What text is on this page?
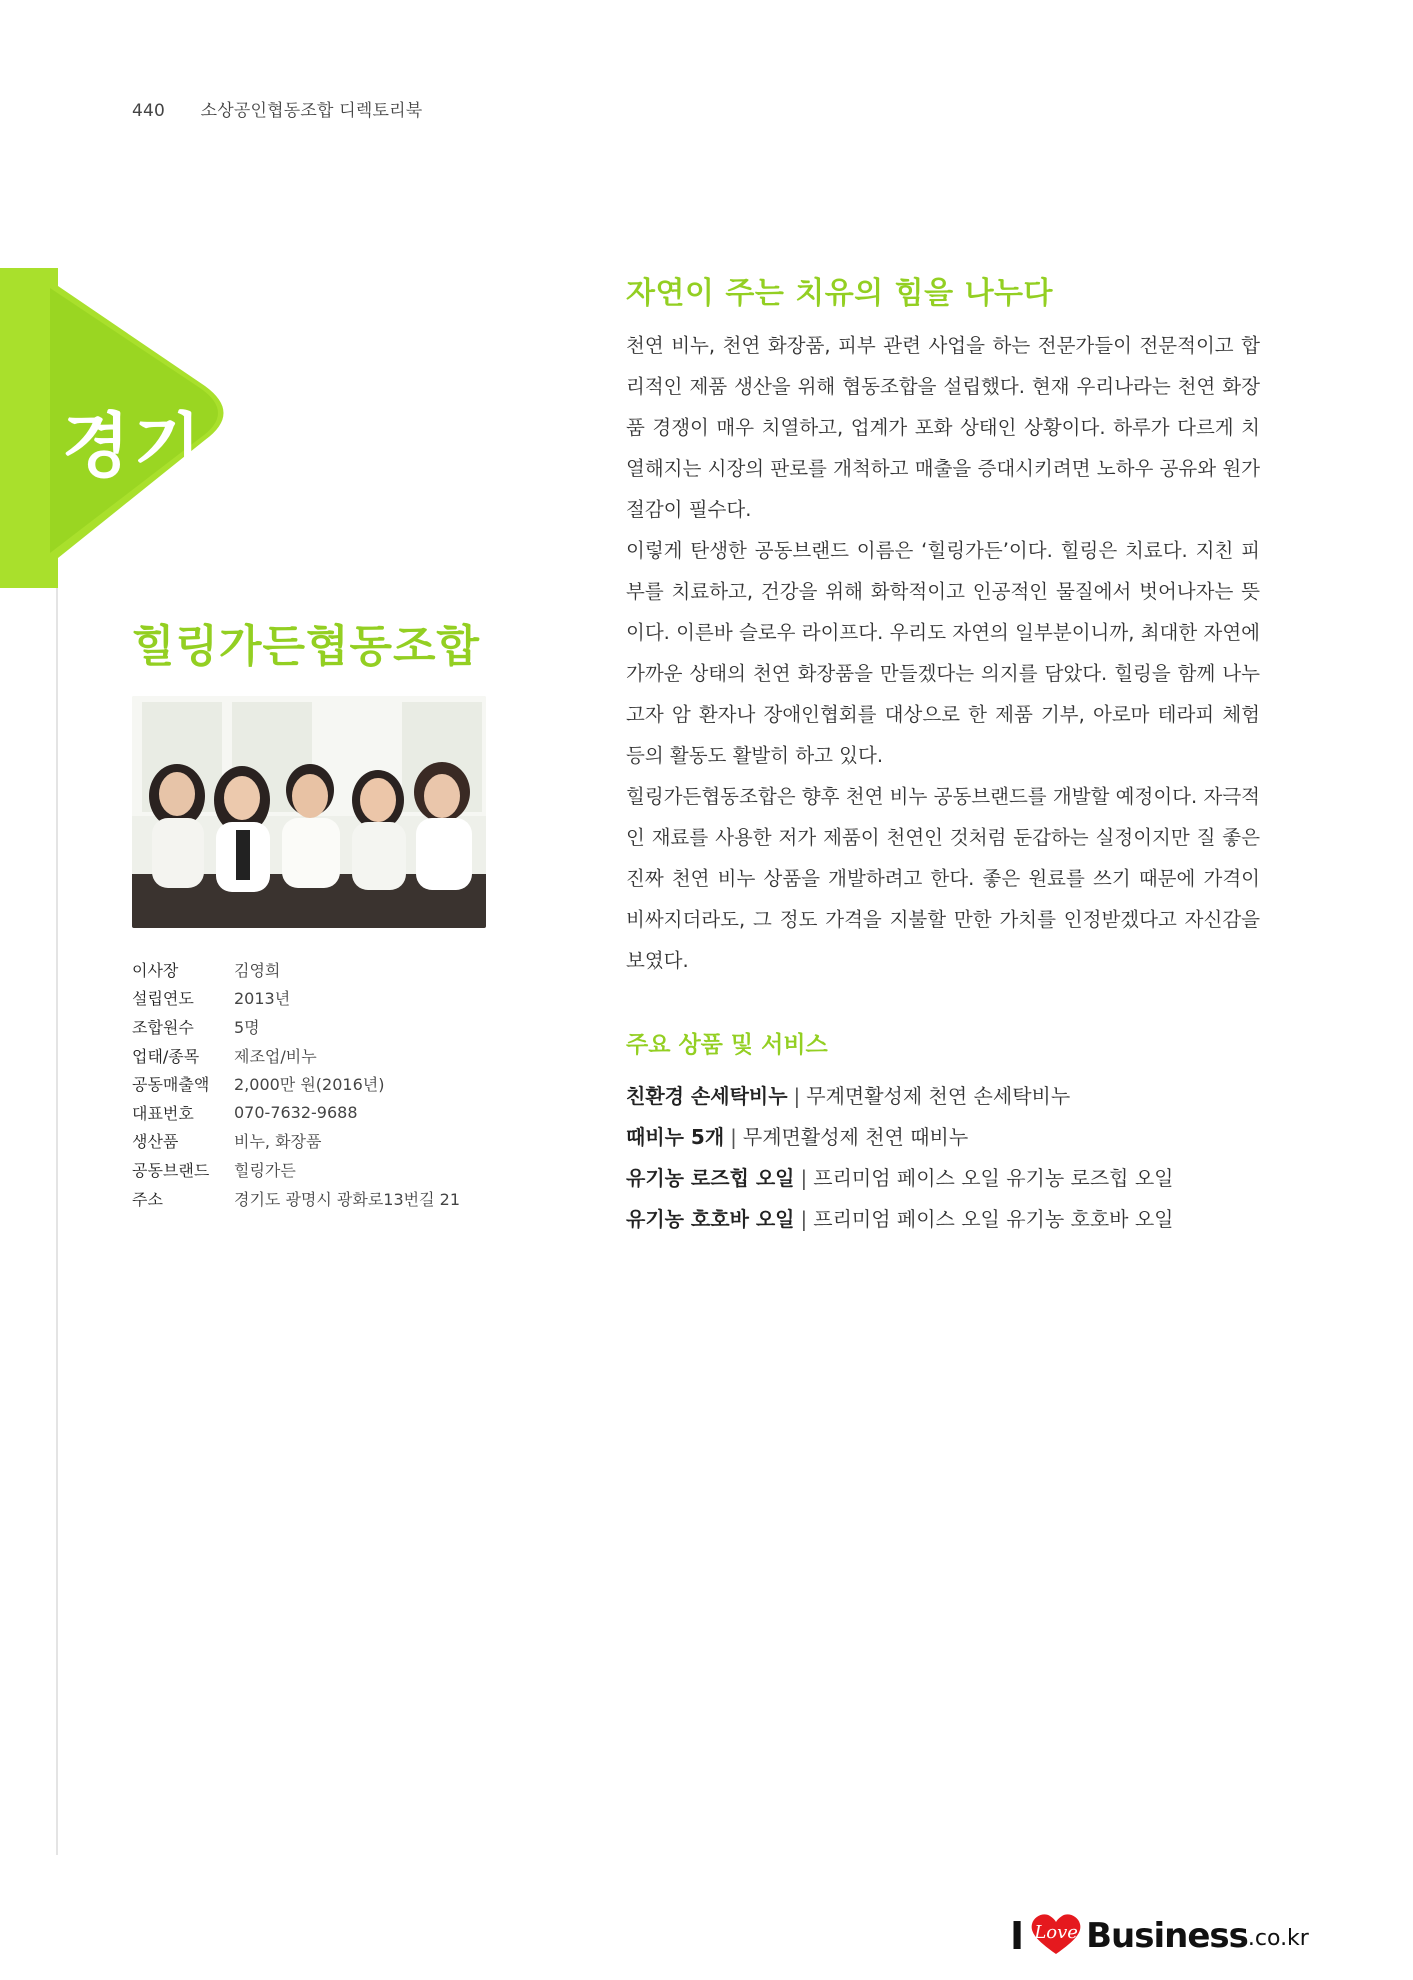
440 소상공인협동조합 디렉토리북
경기
힐링가든협동조합
이사장	김영희
설립연도	2013년
조합원수	5명
업태/종목	제조업/비누
공동매출액	2,000만 원(2016년)
대표번호	070-7632-9688
생산품	비누, 화장품
공동브랜드	힐링가든
주소	경기도 광명시 광화로13번길 21
자연이 주는 치유의 힘을 나누다

천연 비누, 천연 화장품, 피부 관련 사업을 하는 전문가들이 전문적이고 합리적인 제품 생산을 위해 협동조합을 설립했다. 현재 우리나라는 천연 화장품 경쟁이 매우 치열하고, 업계가 포화 상태인 상황이다. 하루가 다르게 치열해지는 시장의 판로를 개척하고 매출을 증대시키려면 노하우 공유와 원가절감이 필수다.

이렇게 탄생한 공동브랜드 이름은 ‘힐링가든’이다. 힐링은 치료다. 지친 피부를 치료하고, 건강을 위해 화학적이고 인공적인 물질에서 벗어나자는 뜻이다. 이른바 슬로우 라이프다. 우리도 자연의 일부분이니까, 최대한 자연에 가까운 상태의 천연 화장품을 만들겠다는 의지를 담았다. 힐링을 함께 나누고자 암 환자나 장애인협회를 대상으로 한 제품 기부, 아로마 테라피 체험 등의 활동도 활발히 하고 있다.

힐링가든협동조합은 향후 천연 비누 공동브랜드를 개발할 예정이다. 자극적인 재료를 사용한 저가 제품이 천연인 것처럼 둔갑하는 실정이지만 질 좋은 진짜 천연 비누 상품을 개발하려고 한다. 좋은 원료를 쓰기 때문에 가격이 비싸지더라도, 그 정도 가격을 지불할 만한 가치를 인정받겠다고 자신감을 보였다.

주요 상품 및 서비스
친환경 손세탁비누 | 무계면활성제 천연 손세탁비누
때비누 5개 | 무계면활성제 천연 때비누
유기농 로즈힙 오일 | 프리미엄 페이스 오일 유기농 로즈힙 오일
유기농 호호바 오일 | 프리미엄 페이스 오일 유기농 호호바 오일
I Love Business .co.kr
